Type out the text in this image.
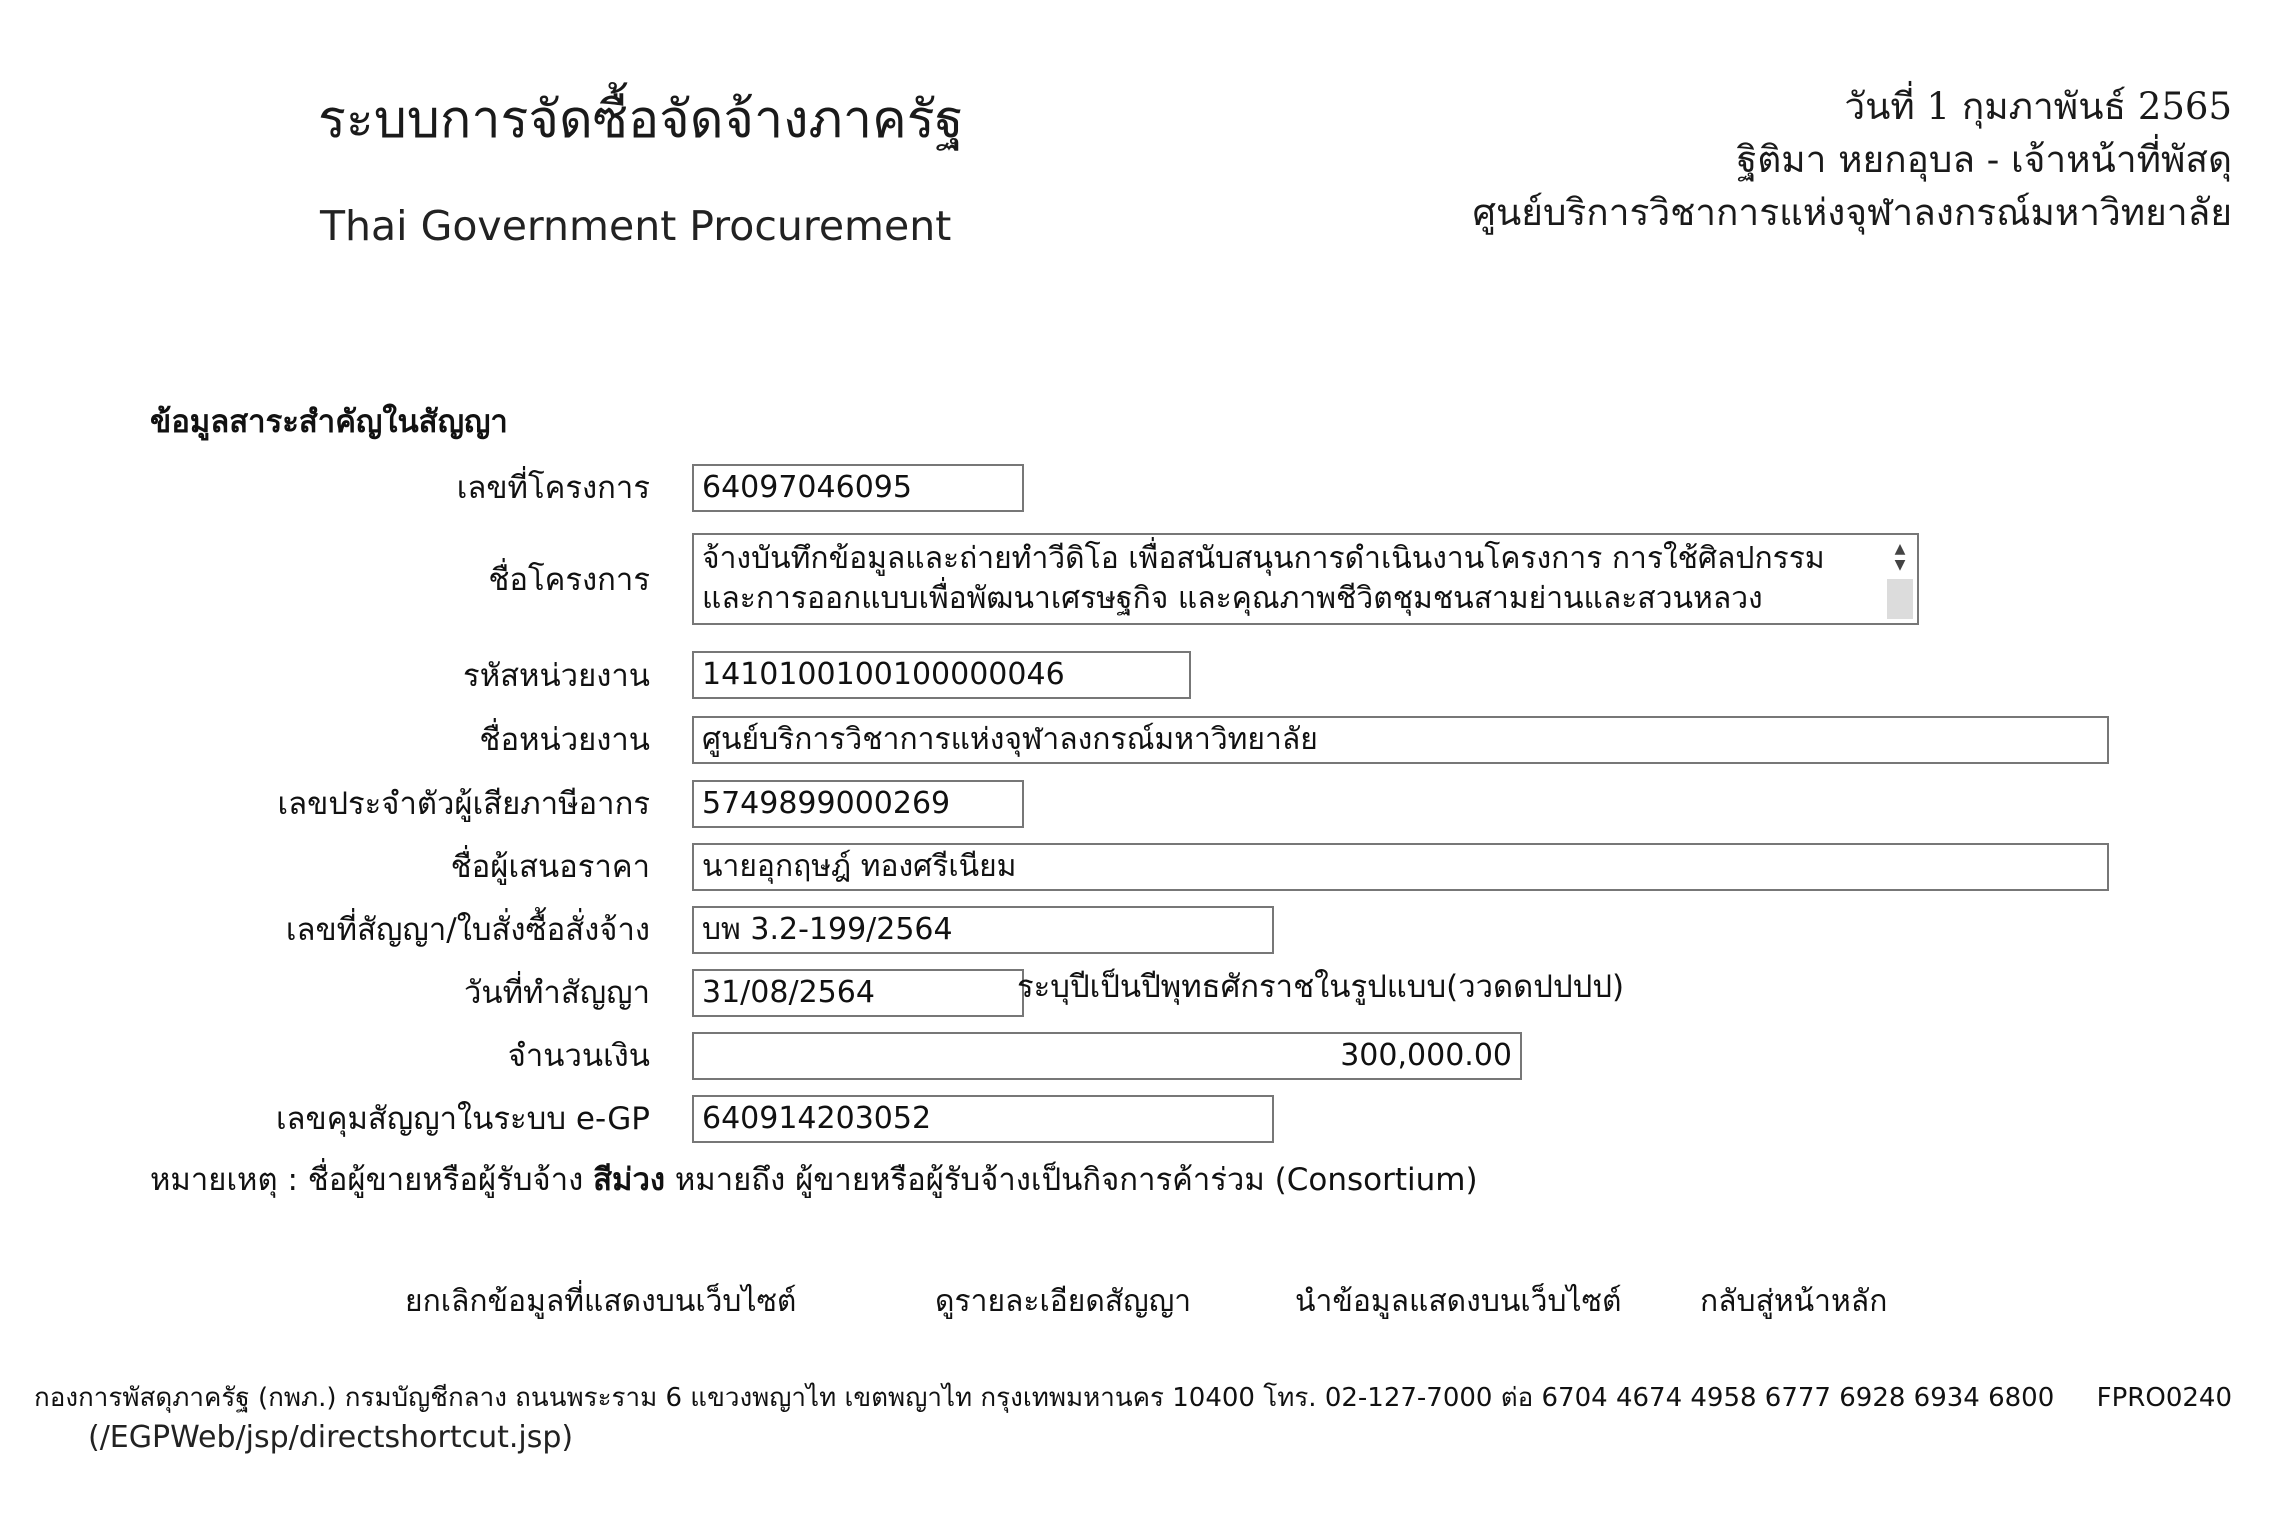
ระบบการจัดซื้อจัดจ้างภาครัฐ
Thai Government Procurement
วันที่ 1 กุมภาพันธ์ 2565
ฐิติมา หยกอุบล - เจ้าหน้าที่พัสดุ
ศูนย์บริการวิชาการแห่งจุฬาลงกรณ์มหาวิทยาลัย
ข้อมูลสาระสำคัญในสัญญา
เลขที่โครงการ	64097046095
ชื่อโครงการ
จ้างบันทึกข้อมูลและถ่ายทำวีดิโอ เพื่อสนับสนุนการดำเนินงานโครงการ การใช้ศิลปกรรม และการออกแบบเพื่อพัฒนาเศรษฐกิจ และคุณภาพชีวิตชุมชนสามย่านและสวนหลวง
▲
▼
รหัสหน่วยงาน	1410100100100000046
ชื่อหน่วยงาน	ศูนย์บริการวิชาการแห่งจุฬาลงกรณ์มหาวิทยาลัย
เลขประจำตัวผู้เสียภาษีอากร	5749899000269
ชื่อผู้เสนอราคา	นายอุกฤษฎ์ ทองศรีเนียม
เลขที่สัญญา/ใบสั่งซื้อสั่งจ้าง	บพ 3.2-199/2564
วันที่ทำสัญญา	31/08/2564	ระบุปีเป็นปีพุทธศักราชในรูปแบบ(ววดดปปปป)
จำนวนเงิน	300,000.00
เลขคุมสัญญาในระบบ e-GP	640914203052
หมายเหตุ : ชื่อผู้ขายหรือผู้รับจ้าง สีม่วง หมายถึง ผู้ขายหรือผู้รับจ้างเป็นกิจการค้าร่วม (Consortium)
ยกเลิกข้อมูลที่แสดงบนเว็บไซต์	ดูรายละเอียดสัญญา	นำข้อมูลแสดงบนเว็บไซต์	กลับสู่หน้าหลัก
กองการพัสดุภาครัฐ (กพภ.) กรมบัญชีกลาง ถนนพระราม 6 แขวงพญาไท เขตพญาไท กรุงเทพมหานคร 10400 โทร. 02-127-7000 ต่อ 6704 4674 4958 6777 6928 6934 6800 FPRO0240
(/EGPWeb/jsp/directshortcut.jsp)
